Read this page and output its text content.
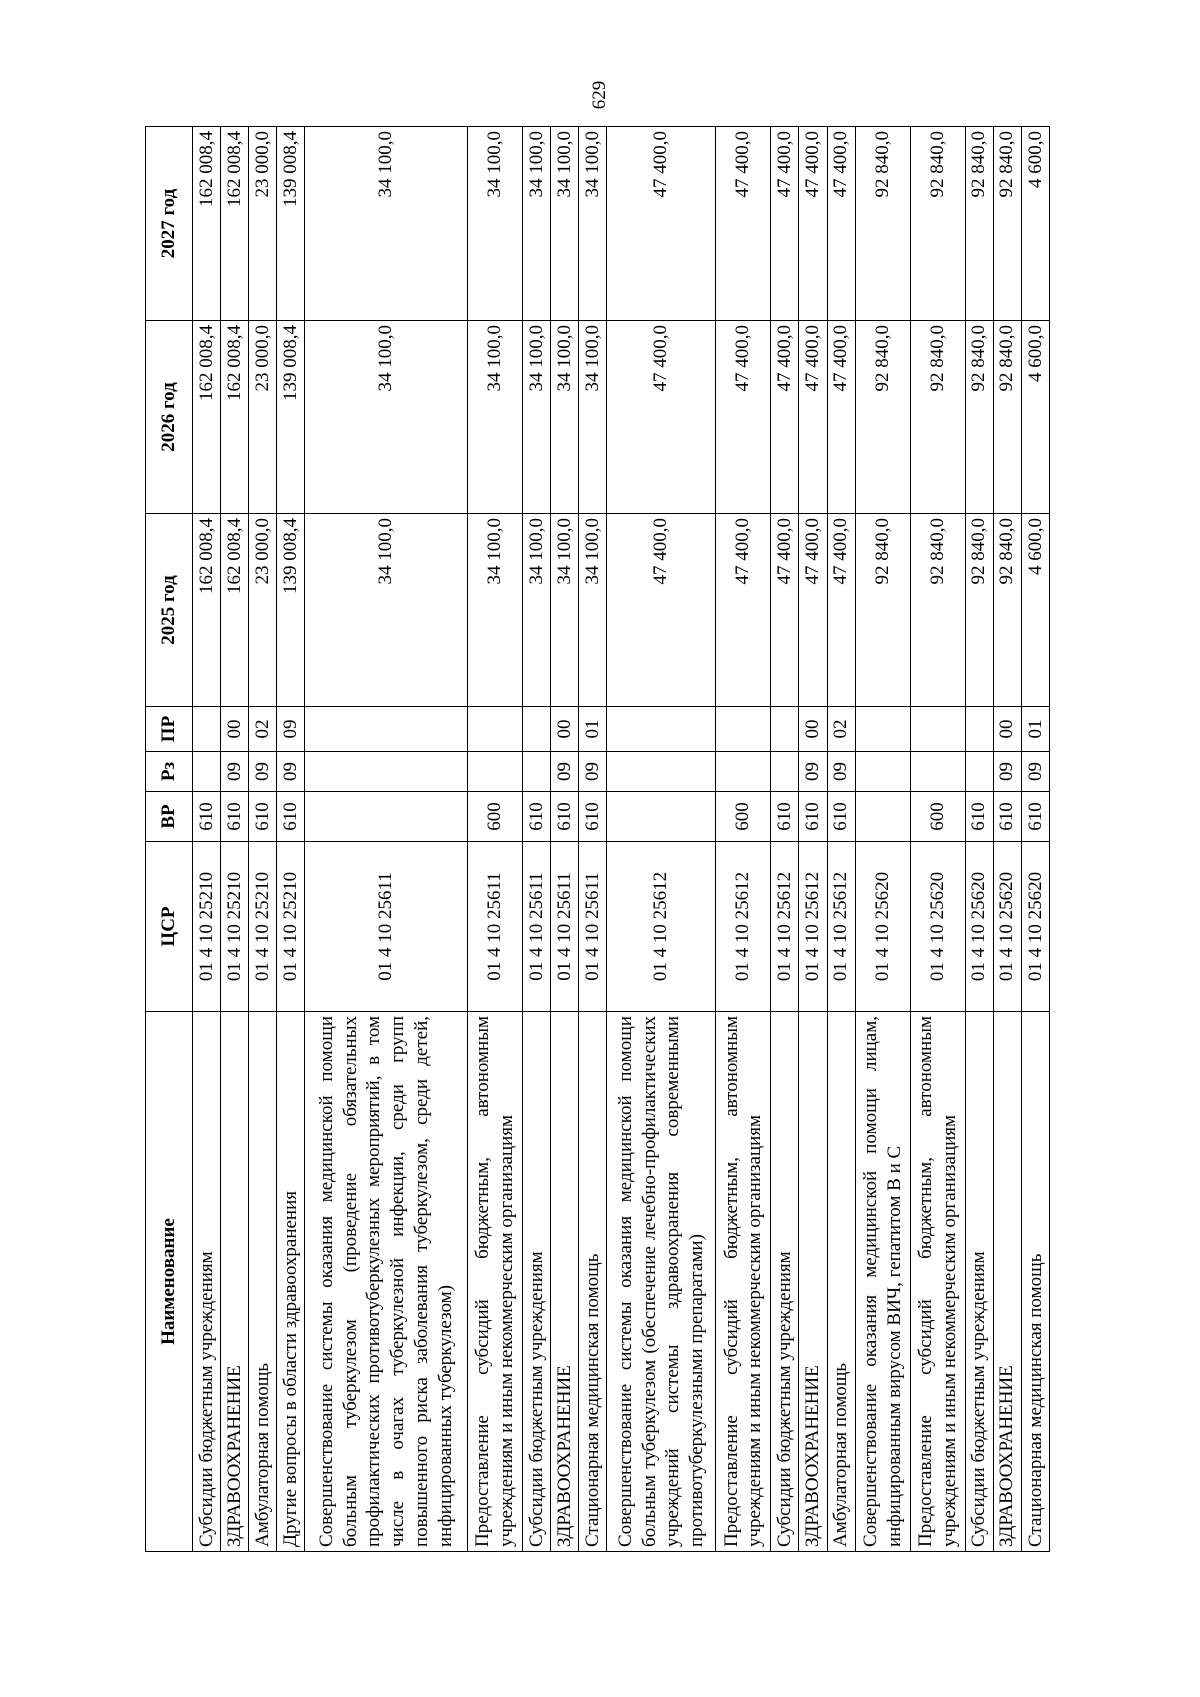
629
Наименование	ЦСР	ВР	Рз	ПР	2025 год	2026 год	2027 год
Субсидии бюджетным учреждениям	01 4 10 25210	610			162 008,4	162 008,4	162 008,4
ЗДРАВООХРАНЕНИЕ	01 4 10 25210	610	09	00	162 008,4	162 008,4	162 008,4
Амбулаторная помощь	01 4 10 25210	610	09	02	23 000,0	23 000,0	23 000,0
Другие вопросы в области здравоохранения	01 4 10 25210	610	09	09	139 008,4	139 008,4	139 008,4
Совершенствование системы оказания медицинской помощи больным туберкулезом (проведение обязательных профилактических противотуберкулезных мероприятий, в том числе в очагах туберкулезной инфекции, среди групп повышенного риска заболевания туберкулезом, среди детей, инфицированных туберкулезом)	01 4 10 25611				34 100,0	34 100,0	34 100,0
Предоставление субсидий бюджетным, автономным учреждениям и иным некоммерческим организациям	01 4 10 25611	600			34 100,0	34 100,0	34 100,0
Субсидии бюджетным учреждениям	01 4 10 25611	610			34 100,0	34 100,0	34 100,0
ЗДРАВООХРАНЕНИЕ	01 4 10 25611	610	09	00	34 100,0	34 100,0	34 100,0
Стационарная медицинская помощь	01 4 10 25611	610	09	01	34 100,0	34 100,0	34 100,0
Совершенствование системы оказания медицинской помощи больным туберкулезом (обеспечение лечебно-профилактических учреждений системы здравоохранения современными противотуберкулезными препаратами)	01 4 10 25612				47 400,0	47 400,0	47 400,0
Предоставление субсидий бюджетным, автономным учреждениям и иным некоммерческим организациям	01 4 10 25612	600			47 400,0	47 400,0	47 400,0
Субсидии бюджетным учреждениям	01 4 10 25612	610			47 400,0	47 400,0	47 400,0
ЗДРАВООХРАНЕНИЕ	01 4 10 25612	610	09	00	47 400,0	47 400,0	47 400,0
Амбулаторная помощь	01 4 10 25612	610	09	02	47 400,0	47 400,0	47 400,0
Совершенствование оказания медицинской помощи лицам, инфицированным вирусом ВИЧ, гепатитом В и С	01 4 10 25620				92 840,0	92 840,0	92 840,0
Предоставление субсидий бюджетным, автономным учреждениям и иным некоммерческим организациям	01 4 10 25620	600			92 840,0	92 840,0	92 840,0
Субсидии бюджетным учреждениям	01 4 10 25620	610			92 840,0	92 840,0	92 840,0
ЗДРАВООХРАНЕНИЕ	01 4 10 25620	610	09	00	92 840,0	92 840,0	92 840,0
Стационарная медицинская помощь	01 4 10 25620	610	09	01	4 600,0	4 600,0	4 600,0
